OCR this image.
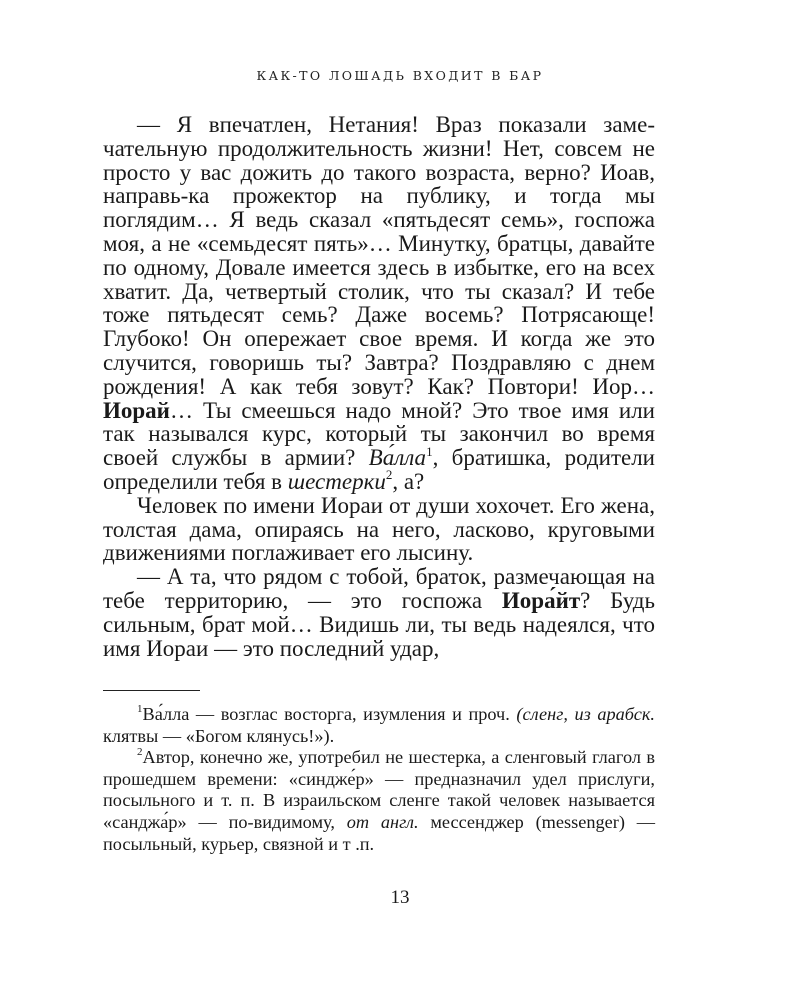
КАК-ТО ЛОШАДЬ ВХОДИТ В БАР

— Я впечатлен, Нетания! Враз показали замечательную продолжительность жизни! Нет, совсем не просто у вас дожить до такого возраста, верно? Иоав, направь-ка прожектор на публику, и тогда мы поглядим… Я ведь сказал «пятьдесят семь», госпожа моя, а не «семьдесят пять»… Минутку, братцы, давайте по одному, Довале имеется здесь в избытке, его на всех хватит. Да, четвертый столик, что ты сказал? И тебе тоже пятьдесят семь? Даже восемь? Потрясающе! Глубоко! Он опережает свое время. И когда же это случится, говоришь ты? Завтра? Поздравляю с днем рождения! А как тебя зовут? Как? Повтори! Иор… Иорай… Ты смеешься надо мной? Это твое имя или так назывался курс, который ты закончил во время своей службы в армии? Ва́лла$^1$, братишка, родители определили тебя в шестерки$^2$, а?

Человек по имени Иораи от души хохочет. Его жена, толстая дама, опираясь на него, ласково, круговыми движениями поглаживает его лысину.

— А та, что рядом с тобой, браток, размечающая на тебе территорию, — это госпожа Иора́йт? Будь сильным, брат мой… Видишь ли, ты ведь надеялся, что имя Иораи — это последний удар,

$^1$Ва́лла — возглас восторга, изумления и проч. (сленг, из арабск. клятвы — «Богом клянусь!»).

$^2$Автор, конечно же, употребил не шестерка, а сленговый глагол в прошедшем времени: «синдже́р» — предназначил удел прислуги, посыльного и т. п. В израильском сленге такой человек называется «санджа́р» — по-видимому, от англ. мессенджер (messenger) — посыльный, курьер, связной и т .п.

13
